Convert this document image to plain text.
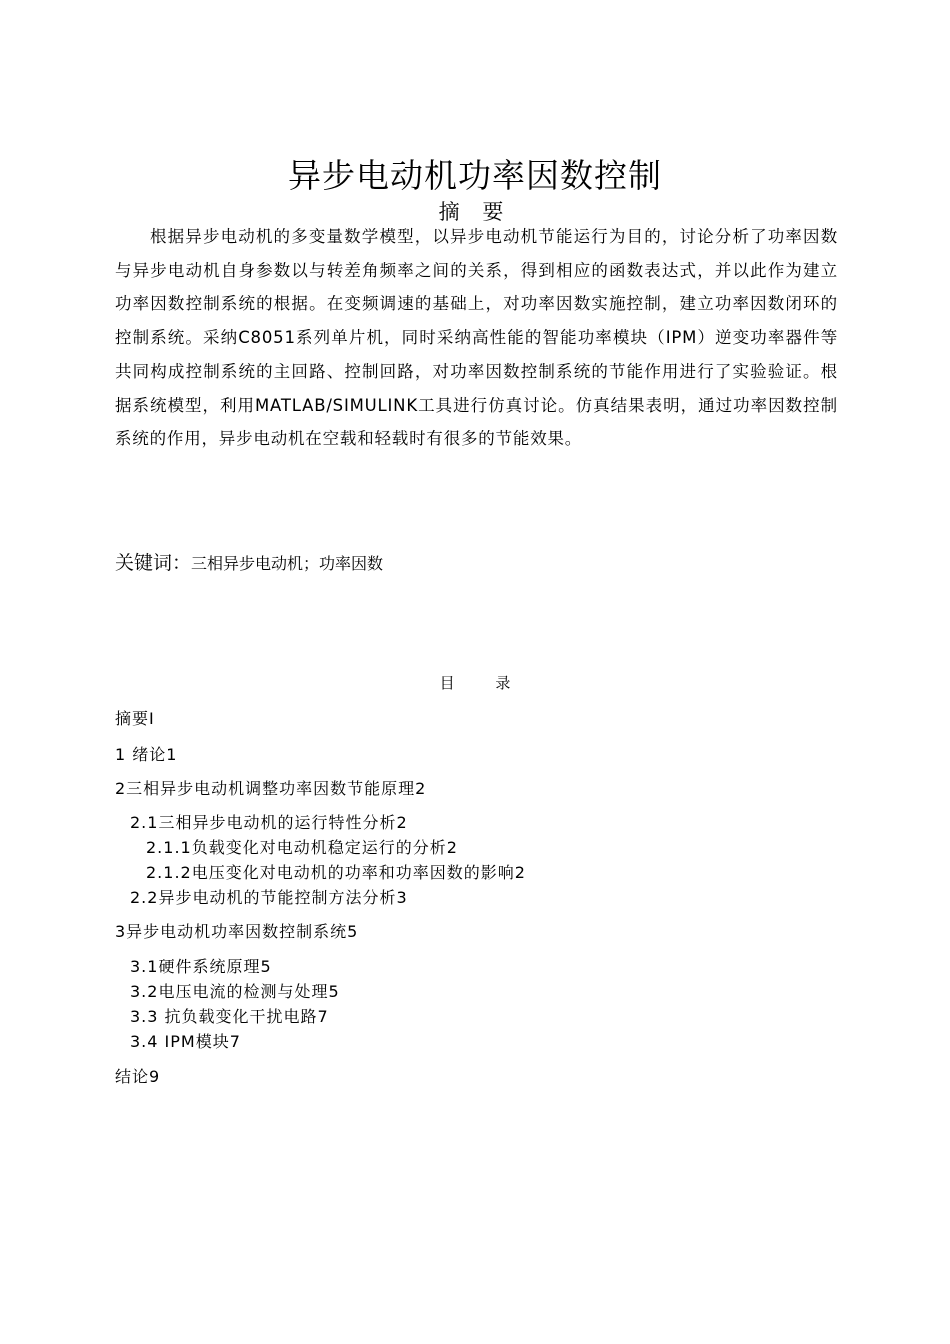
异步电动机功率因数控制
摘 要
根据异步电动机的多变量数学模型，以异步电动机节能运行为目的，讨论分析了功率因数与异步电动机自身参数以与转差角频率之间的关系，得到相应的函数表达式，并以此作为建立功率因数控制系统的根据。在变频调速的基础上，对功率因数实施控制，建立功率因数闭环的控制系统。采纳C8051系列单片机，同时采纳高性能的智能功率模块（IPM）逆变功率器件等共同构成控制系统的主回路、控制回路，对功率因数控制系统的节能作用进行了实验验证。根据系统模型，利用MATLAB/SIMULINK工具进行仿真讨论。仿真结果表明，通过功率因数控制系统的作用，异步电动机在空载和轻载时有很多的节能效果。
关键词：三相异步电动机；功率因数
目 录
摘要Ⅰ
1 绪论1
2三相异步电动机调整功率因数节能原理2
2.1三相异步电动机的运行特性分析2
2.1.1负载变化对电动机稳定运行的分析2
2.1.2电压变化对电动机的功率和功率因数的影响2
2.2异步电动机的节能控制方法分析3
3异步电动机功率因数控制系统5
3.1硬件系统原理5
3.2电压电流的检测与处理5
3.3 抗负载变化干扰电路7
3.4 IPM模块7
结论9
